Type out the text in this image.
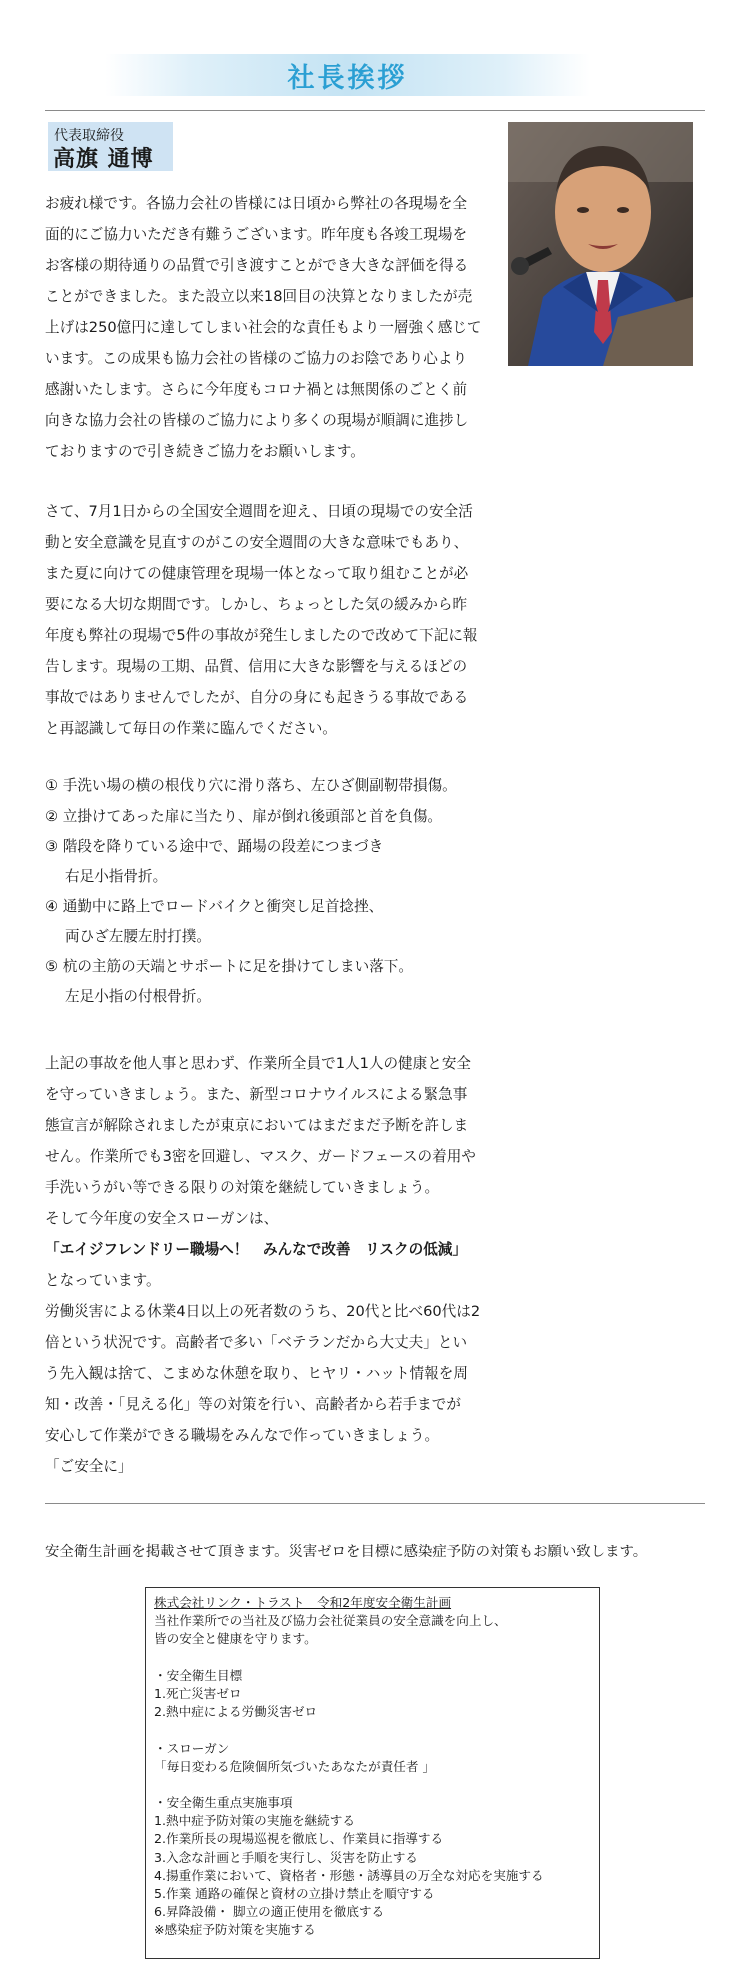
社長挨拶
代表取締役
高旗 通博
お疲れ様です。各協力会社の皆様には日頃から弊社の各現場を全
面的にご協力いただき有難うございます。昨年度も各竣工現場を
お客様の期待通りの品質で引き渡すことができ大きな評価を得る
ことができました。また設立以来18回目の決算となりましたが売
上げは250億円に達してしまい社会的な責任もより一層強く感じて
います。この成果も協力会社の皆様のご協力のお陰であり心より
感謝いたします。さらに今年度もコロナ禍とは無関係のごとく前
向きな協力会社の皆様のご協力により多くの現場が順調に進捗し
ておりますので引き続きご協力をお願いします。
さて、7月1日からの全国安全週間を迎え、日頃の現場での安全活
動と安全意識を見直すのがこの安全週間の大きな意味でもあり、
また夏に向けての健康管理を現場一体となって取り組むことが必
要になる大切な期間です。しかし、ちょっとした気の緩みから昨
年度も弊社の現場で5件の事故が発生しましたので改めて下記に報
告します。現場の工期、品質、信用に大きな影響を与えるほどの
事故ではありませんでしたが、自分の身にも起きうる事故である
と再認識して毎日の作業に臨んでください。
① 手洗い場の横の根伐り穴に滑り落ち、左ひざ側副靭帯損傷。
② 立掛けてあった扉に当たり、扉が倒れ後頭部と首を負傷。
③ 階段を降りている途中で、踊場の段差につまづき
右足小指骨折。
④ 通勤中に路上でロードバイクと衝突し足首捻挫、
両ひざ左腰左肘打撲。
⑤ 杭の主筋の天端とサポートに足を掛けてしまい落下。
左足小指の付根骨折。
上記の事故を他人事と思わず、作業所全員で1人1人の健康と安全
を守っていきましょう。また、新型コロナウイルスによる緊急事
態宣言が解除されましたが東京においてはまだまだ予断を許しま
せん。作業所でも3密を回避し、マスク、ガードフェースの着用や
手洗いうがい等できる限りの対策を継続していきましょう。
そして今年度の安全スローガンは、
「エイジフレンドリー職場へ！　みんなで改善　リスクの低減」
となっています。
労働災害による休業4日以上の死者数のうち、20代と比べ60代は2
倍という状況です。高齢者で多い「ベテランだから大丈夫」とい
う先入観は捨て、こまめな休憩を取り、ヒヤリ・ハット情報を周
知・改善・「見える化」等の対策を行い、高齢者から若手までが
安心して作業ができる職場をみんなで作っていきましょう。
「ご安全に」
安全衛生計画を掲載させて頂きます。災害ゼロを目標に感染症予防の対策もお願い致します。
株式会社リンク・トラスト　令和2年度安全衛生計画
当社作業所での当社及び協力会社従業員の安全意識を向上し、
皆の安全と健康を守ります。
・安全衛生目標
1.死亡災害ゼロ
2.熱中症による労働災害ゼロ
・スローガン
「毎日変わる危険個所気づいたあなたが責任者 」
・安全衛生重点実施事項
1.熱中症予防対策の実施を継続する
2.作業所長の現場巡視を徹底し、作業員に指導する
3.入念な計画と手順を実行し、災害を防止する
4.揚重作業において、資格者・形態・誘導員の万全な対応を実施する
5.作業 通路の確保と資材の立掛け禁止を順守する
6.昇降設備・ 脚立の適正使用を徹底する
※感染症予防対策を実施する
